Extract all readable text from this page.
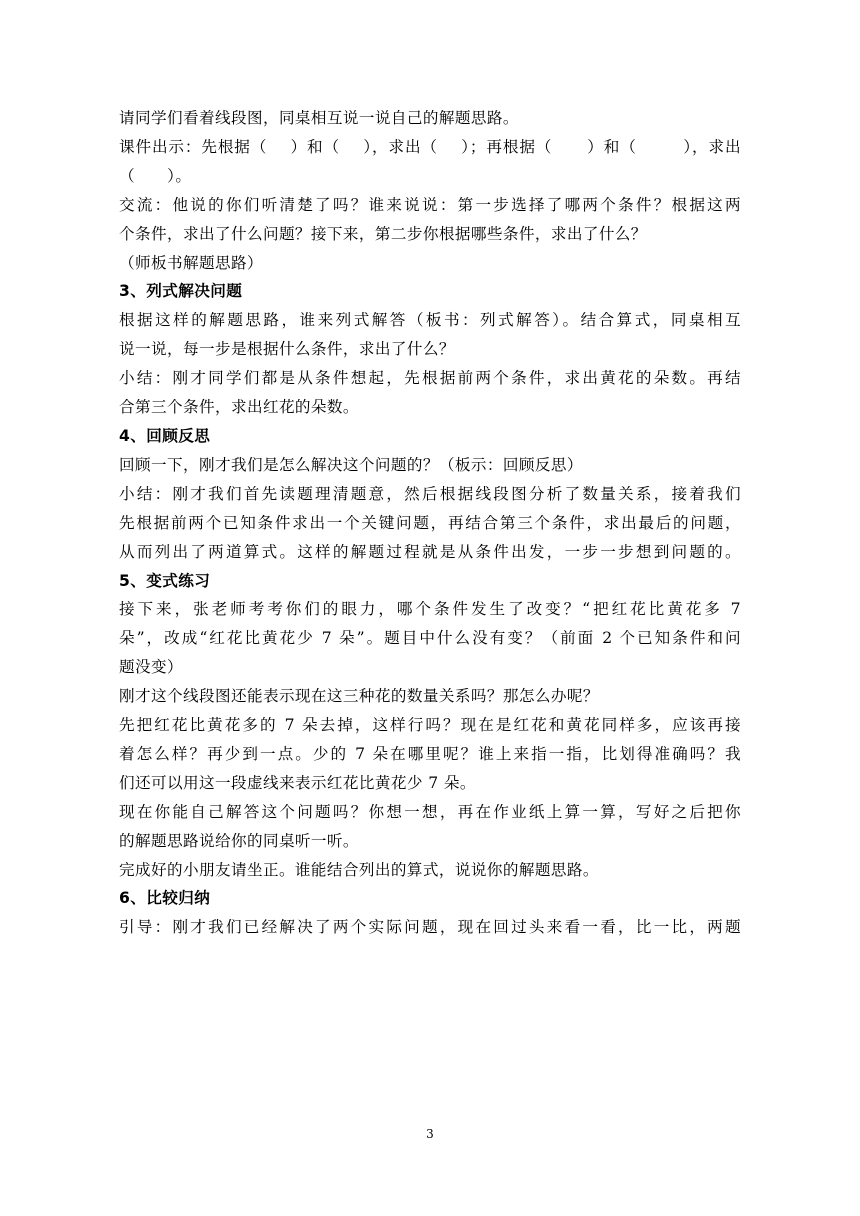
请同学们看着线段图，同桌相互说一说自己的解题思路。

课件出示：先根据（    ）和（    ），求出（    ）；再根据（      ）和（        ），求出

（      ）。

交流：他说的你们听清楚了吗？谁来说说：第一步选择了哪两个条件？根据这两

个条件，求出了什么问题？接下来，第二步你根据哪些条件，求出了什么？

（师板书解题思路）

3、列式解决问题

根据这样的解题思路，谁来列式解答（板书：列式解答）。结合算式，同桌相互

说一说，每一步是根据什么条件，求出了什么？

小结：刚才同学们都是从条件想起，先根据前两个条件，求出黄花的朵数。再结

合第三个条件，求出红花的朵数。

4、回顾反思

回顾一下，刚才我们是怎么解决这个问题的？（板示：回顾反思）

小结：刚才我们首先读题理清题意，然后根据线段图分析了数量关系，接着我们

先根据前两个已知条件求出一个关键问题，再结合第三个条件，求出最后的问题，

从而列出了两道算式。这样的解题过程就是从条件出发，一步一步想到问题的。

5、变式练习

接下来，张老师考考你们的眼力，哪个条件发生了改变？“把红花比黄花多 7

朵”，改成“红花比黄花少 7 朵”。题目中什么没有变？（前面 2 个已知条件和问

题没变）

刚才这个线段图还能表示现在这三种花的数量关系吗？那怎么办呢？

先把红花比黄花多的 7 朵去掉，这样行吗？现在是红花和黄花同样多，应该再接

着怎么样？再少到一点。少的 7 朵在哪里呢？谁上来指一指，比划得准确吗？我

们还可以用这一段虚线来表示红花比黄花少 7 朵。

现在你能自己解答这个问题吗？你想一想，再在作业纸上算一算，写好之后把你

的解题思路说给你的同桌听一听。

完成好的小朋友请坐正。谁能结合列出的算式，说说你的解题思路。

6、比较归纳

引导：刚才我们已经解决了两个实际问题，现在回过头来看一看，比一比，两题

3
